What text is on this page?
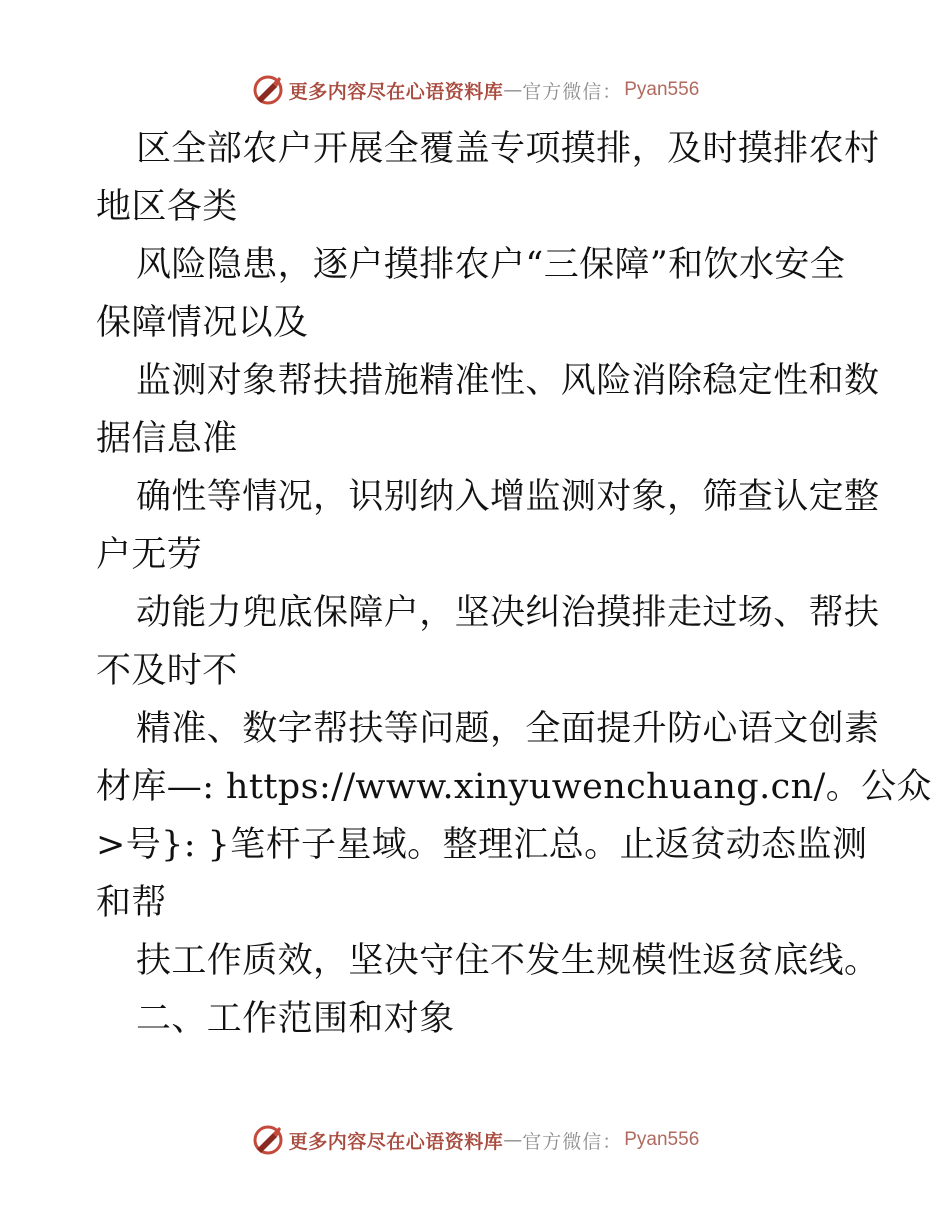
更多内容尽在心语资料库 — 官方微信： Pyan556
区全部农户开展全覆盖专项摸排，及时摸排农村
地区各类
风险隐患，逐户摸排农户“三保障”和饮水安全
保障情况以及
监测对象帮扶措施精准性、风险消除稳定性和数
据信息准
确性等情况，识别纳入增监测对象，筛查认定整
户无劳
动能力兜底保障户，坚决纠治摸排走过场、帮扶
不及时不
精准、数字帮扶等问题，全面提升防心语文创素
材库—: https://www.xinyuwenchuang.cn/。公众
>号}: }笔杆子星域。整理汇总。止返贫动态监测
和帮
扶工作质效，坚决守住不发生规模性返贫底线。
二、工作范围和对象
更多内容尽在心语资料库 — 官方微信： Pyan556
